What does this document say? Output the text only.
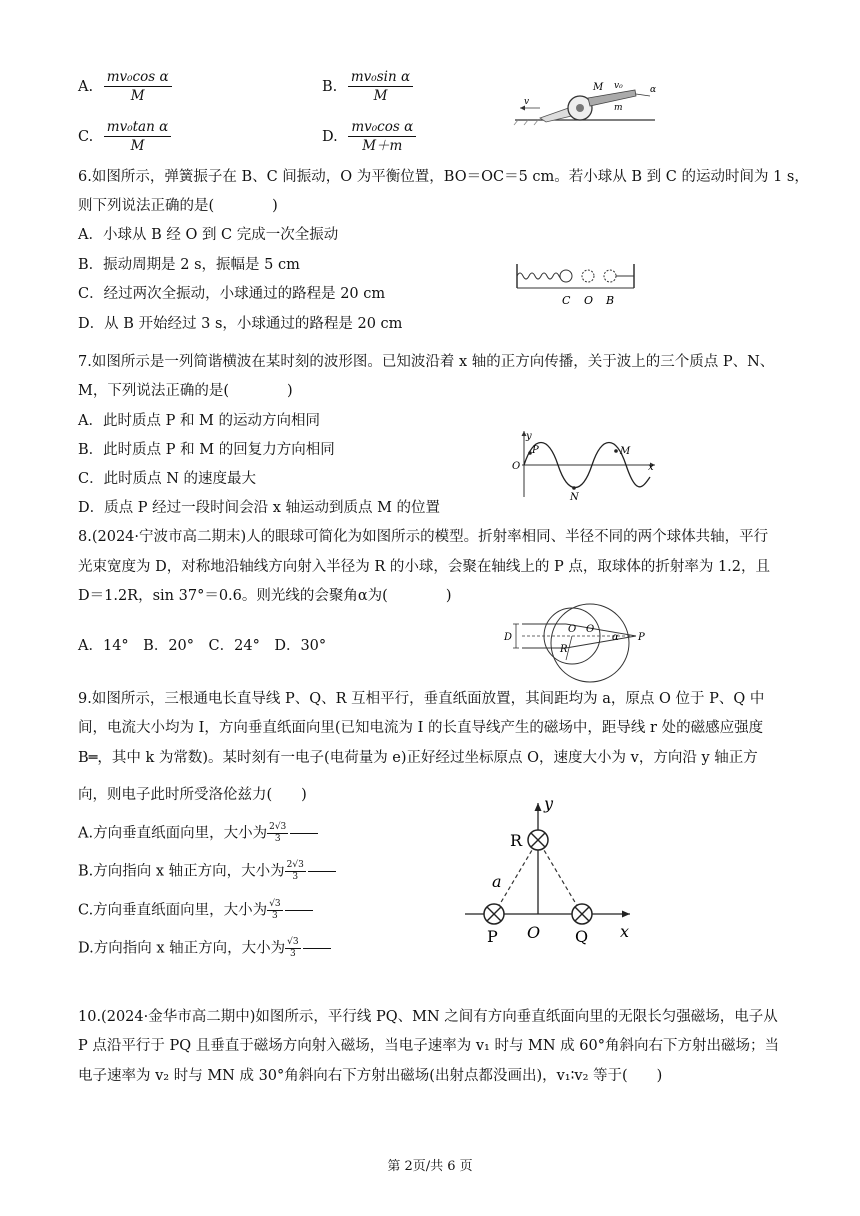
A. $\frac{\text{mv₀cos α}}{M}$	B. $\frac{\text{mv₀sin α}}{M}$
C. $\frac{\text{mv₀tan α}}{M}$	D. $\frac{\text{mv₀cos α}}{M+m}$
M v₀
m
α
v
6.如图所示，弹簧振子在 B、C 间振动，O 为平衡位置，BO＝OC＝5 cm。若小球从 B 到 C 的运动时间为 1 s，
则下列说法正确的是(　　　　)
A．小球从 B 经 O 到 C 完成一次全振动
B．振动周期是 2 s，振幅是 5 cm
C．经过两次全振动，小球通过的路程是 20 cm
D．从 B 开始经过 3 s，小球通过的路程是 20 cm
C O B
7.如图所示是一列简谐横波在某时刻的波形图。已知波沿着 x 轴的正方向传播，关于波上的三个质点 P、N、
M，下列说法正确的是(　　　　)
A．此时质点 P 和 M 的运动方向相同
B．此时质点 P 和 M 的回复力方向相同
C．此时质点 N 的速度最大
D．质点 P 经过一段时间会沿 x 轴运动到质点 M 的位置
y
O
P	M
x
N
8.(2024·宁波市高二期末)人的眼球可简化为如图所示的模型。折射率相同、半径不同的两个球体共轴，平行
光束宽度为 D，对称地沿轴线方向射入半径为 R 的小球，会聚在轴线上的 P 点，取球体的折射率为 1.2，且
D＝1.2R，sin 37°＝0.6。则光线的会聚角α为(　　　　)
A．14°　B．20°　C．24°　D．30°
D
O O
R
α P
9.如图所示，三根通电长直导线 P、Q、R 互相平行，垂直纸面放置，其间距均为 a，原点 O 位于 P、Q 中
间，电流大小均为 I，方向垂直纸面向里(已知电流为 I 的长直导线产生的磁场中，距导线 r 处的磁感应强度
B═，其中 k 为常数)。某时刻有一电子(电荷量为 e)正好经过坐标原点 O，速度大小为 v，方向沿 y 轴正方
向，则电子此时所受洛伦兹力(　　)
A.方向垂直纸面向里，大小为 $\frac{2√3}{3}$
B.方向指向 x 轴正方向，大小为 $\frac{2√3}{3}$
C.方向垂直纸面向里，大小为 $\frac{√3}{3}$
D.方向指向 x 轴正方向，大小为 $\frac{√3}{3}$
y
R
a
P O Q x
10.(2024·金华市高二期中)如图所示，平行线 PQ、MN 之间有方向垂直纸面向里的无限长匀强磁场，电子从
P 点沿平行于 PQ 且垂直于磁场方向射入磁场，当电子速率为 v₁ 时与 MN 成 60°角斜向右下方射出磁场；当
电子速率为 v₂ 时与 MN 成 30°角斜向右下方射出磁场(出射点都没画出)，v₁∶v₂ 等于(　　)
第 2页/共 6 页
